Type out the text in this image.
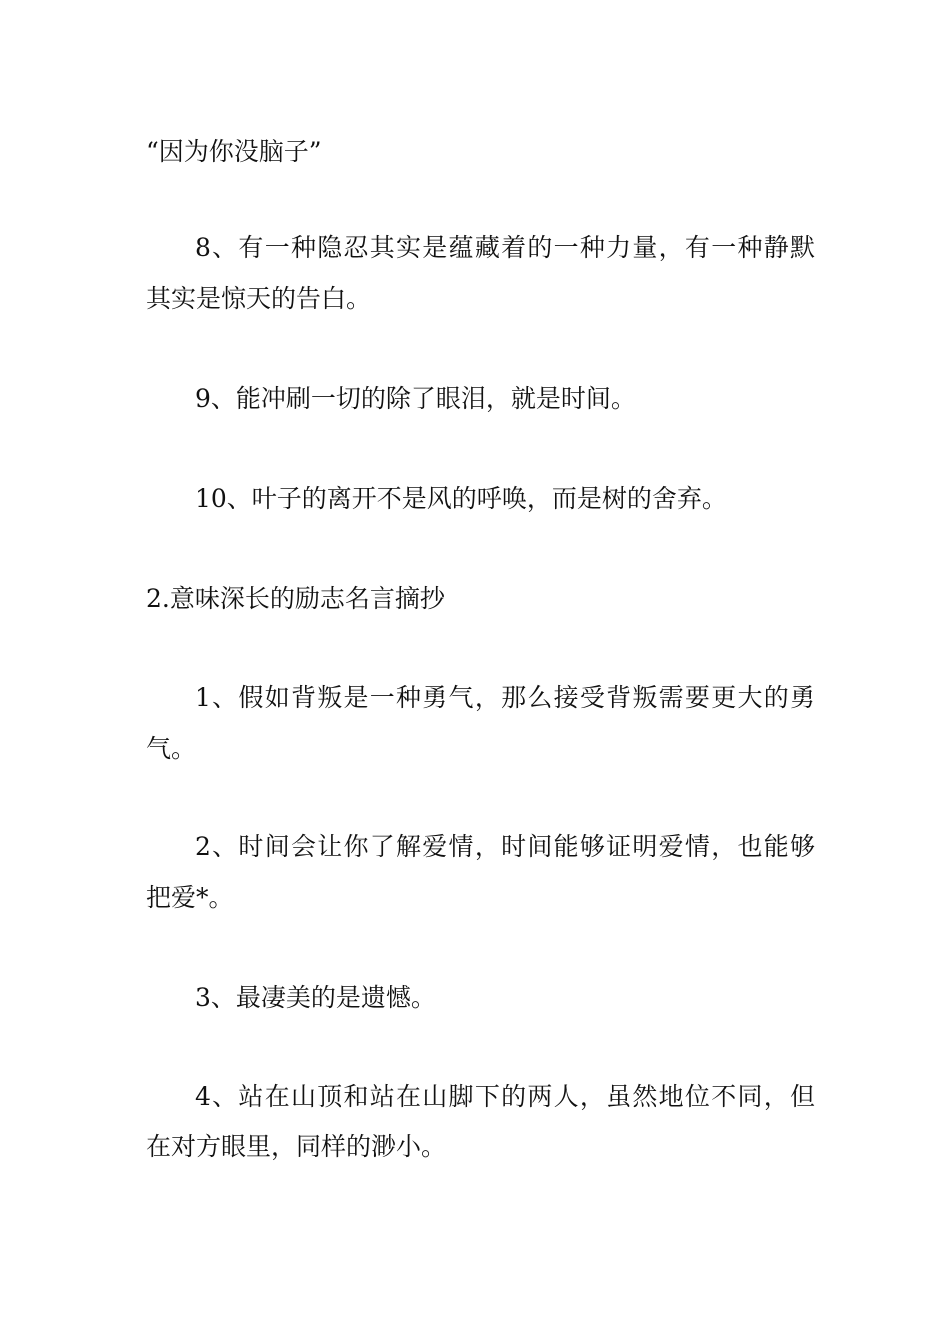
“因为你没脑子”
8、有一种隐忍其实是蕴藏着的一种力量，有一种静默
其实是惊天的告白。
9、能冲刷一切的除了眼泪，就是时间。
10、叶子的离开不是风的呼唤，而是树的舍弃。
2.意味深长的励志名言摘抄
1、假如背叛是一种勇气，那么接受背叛需要更大的勇
气。
2、时间会让你了解爱情，时间能够证明爱情，也能够
把爱*。
3、最凄美的是遗憾。
4、站在山顶和站在山脚下的两人，虽然地位不同，但
在对方眼里，同样的渺小。
